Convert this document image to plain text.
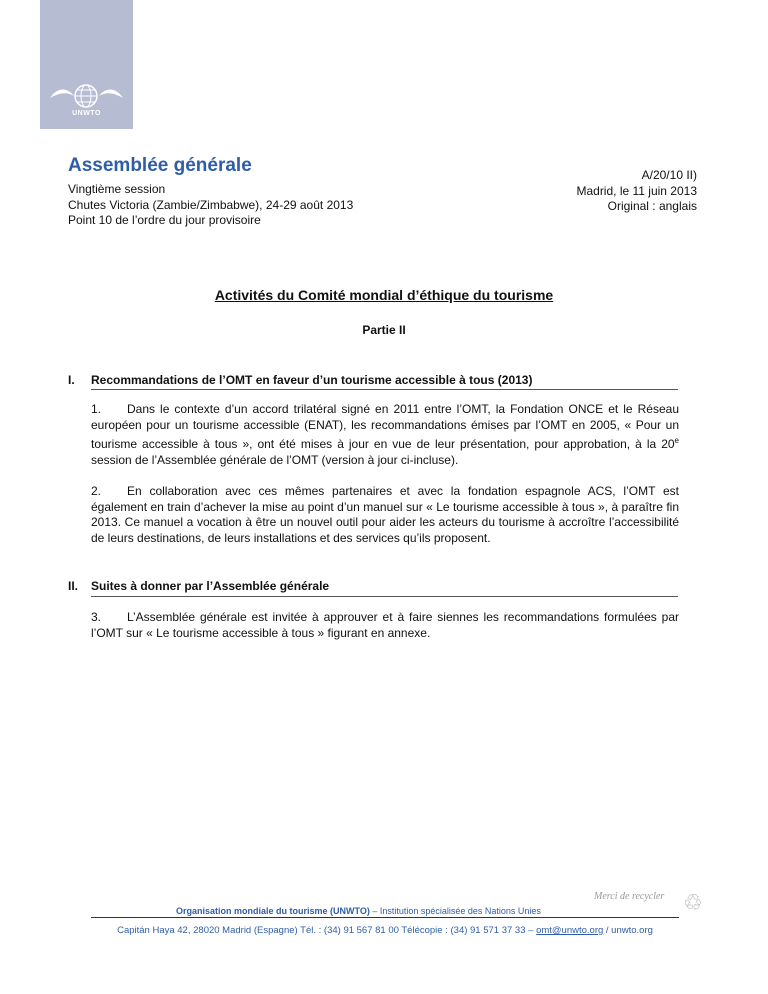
UNWTO
Assemblée générale
Vingtième session
Chutes Victoria (Zambie/Zimbabwe), 24-29 août 2013
Point 10 de l’ordre du jour provisoire
A/20/10 II)
Madrid, le 11 juin 2013
Original : anglais
Activités du Comité mondial d’éthique du tourisme
Partie II
I. Recommandations de l’OMT en faveur d’un tourisme accessible à tous (2013)

1. Dans le contexte d’un accord trilatéral signé en 2011 entre l’OMT, la Fondation ONCE et le Réseau européen pour un tourisme accessible (ENAT), les recommandations émises par l’OMT en 2005, « Pour un tourisme accessible à tous », ont été mises à jour en vue de leur présentation, pour approbation, à la 20e session de l’Assemblée générale de l’OMT (version à jour ci-incluse).

2. En collaboration avec ces mêmes partenaires et avec la fondation espagnole ACS, l’OMT est également en train d’achever la mise au point d’un manuel sur « Le tourisme accessible à tous », à paraître fin 2013. Ce manuel a vocation à être un nouvel outil pour aider les acteurs du tourisme à accroître l’accessibilité de leurs destinations, de leurs installations et des services qu’ils proposent.

II. Suites à donner par l’Assemblée générale

3. L’Assemblée générale est invitée à approuver et à faire siennes les recommandations formulées par l’OMT sur « Le tourisme accessible à tous » figurant en annexe.

Merci de recycler ♲
Organisation mondiale du tourisme (UNWTO) – Institution spécialisée des Nations Unies
Capitán Haya 42, 28020 Madrid (Espagne) Tél. : (34) 91 567 81 00 Télécopie : (34) 91 571 37 33 – omt@unwto.org / unwto.org
